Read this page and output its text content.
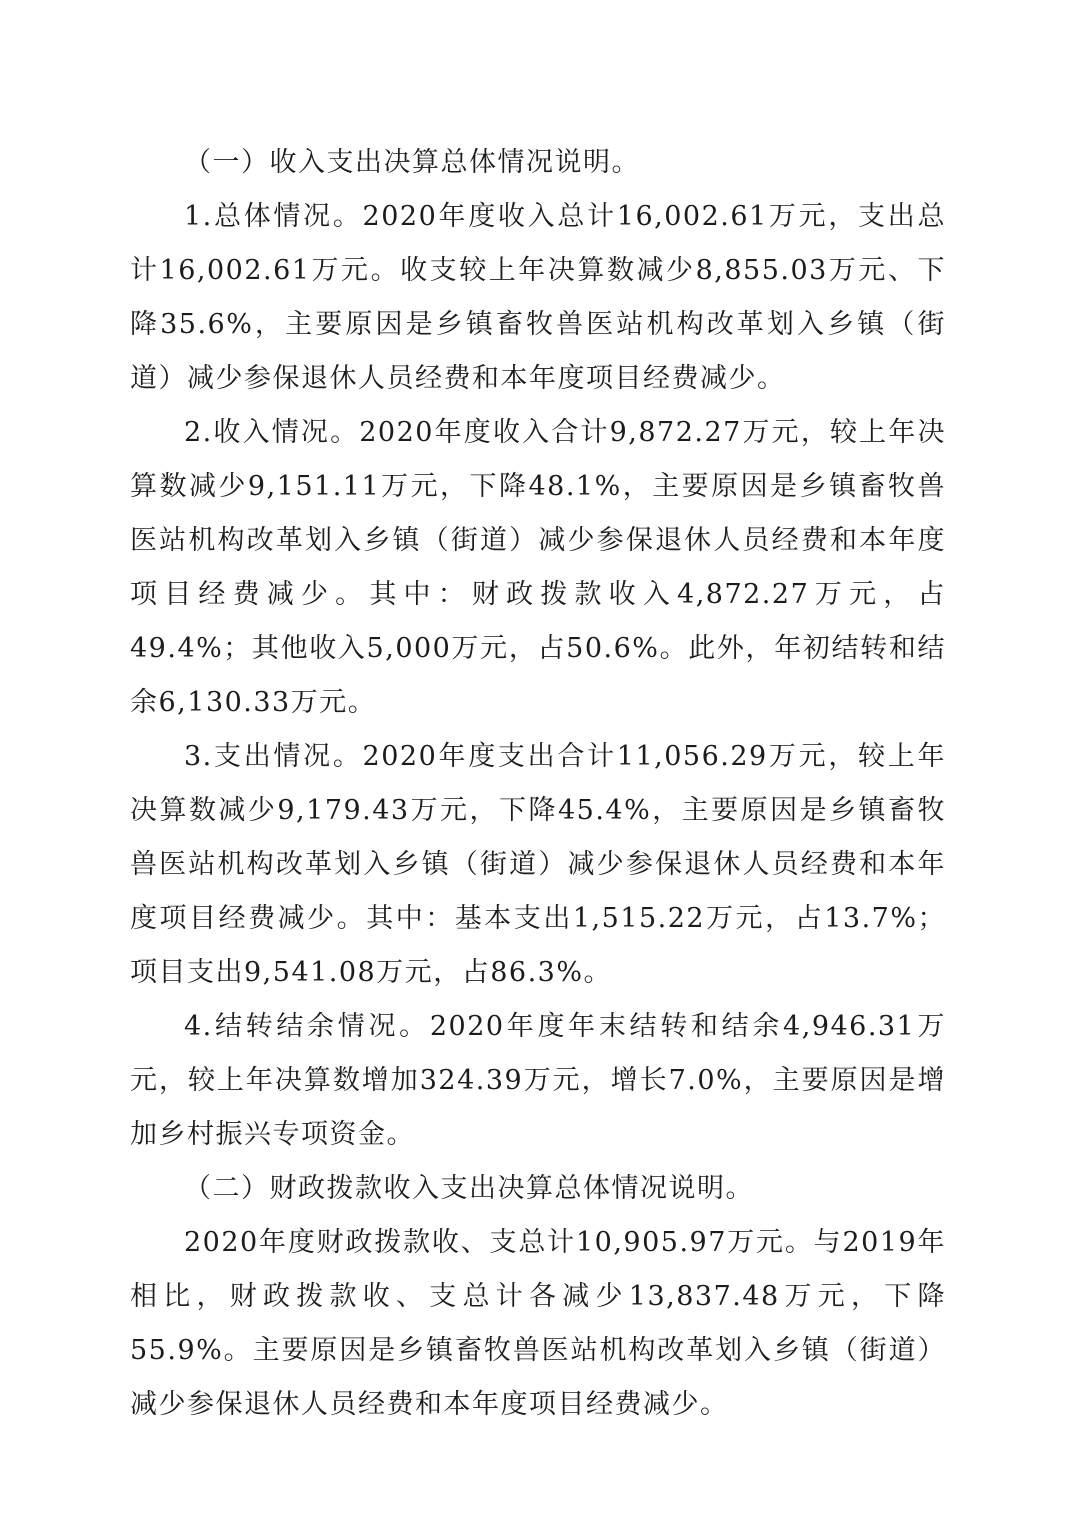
（一）收入支出决算总体情况说明。

1.总体情况。2020年度收入总计16,002.61万元，支出总计16,002.61万元。收支较上年决算数减少8,855.03万元、下降35.6%，主要原因是乡镇畜牧兽医站机构改革划入乡镇（街道）减少参保退休人员经费和本年度项目经费减少。

2.收入情况。2020年度收入合计9,872.27万元，较上年决算数减少9,151.11万元，下降48.1%，主要原因是乡镇畜牧兽医站机构改革划入乡镇（街道）减少参保退休人员经费和本年度项目经费减少。其中：财政拨款收入4,872.27万元，占49.4%；其他收入5,000万元，占50.6%。此外，年初结转和结余6,130.33万元。

3.支出情况。2020年度支出合计11,056.29万元，较上年决算数减少9,179.43万元，下降45.4%，主要原因是乡镇畜牧兽医站机构改革划入乡镇（街道）减少参保退休人员经费和本年度项目经费减少。其中：基本支出1,515.22万元，占13.7%；项目支出9,541.08万元，占86.3%。

4.结转结余情况。2020年度年末结转和结余4,946.31万元，较上年决算数增加324.39万元，增长7.0%，主要原因是增加乡村振兴专项资金。

（二）财政拨款收入支出决算总体情况说明。

2020年度财政拨款收、支总计10,905.97万元。与2019年相比，财政拨款收、支总计各减少13,837.48万元，下降55.9%。主要原因是乡镇畜牧兽医站机构改革划入乡镇（街道）减少参保退休人员经费和本年度项目经费减少。
